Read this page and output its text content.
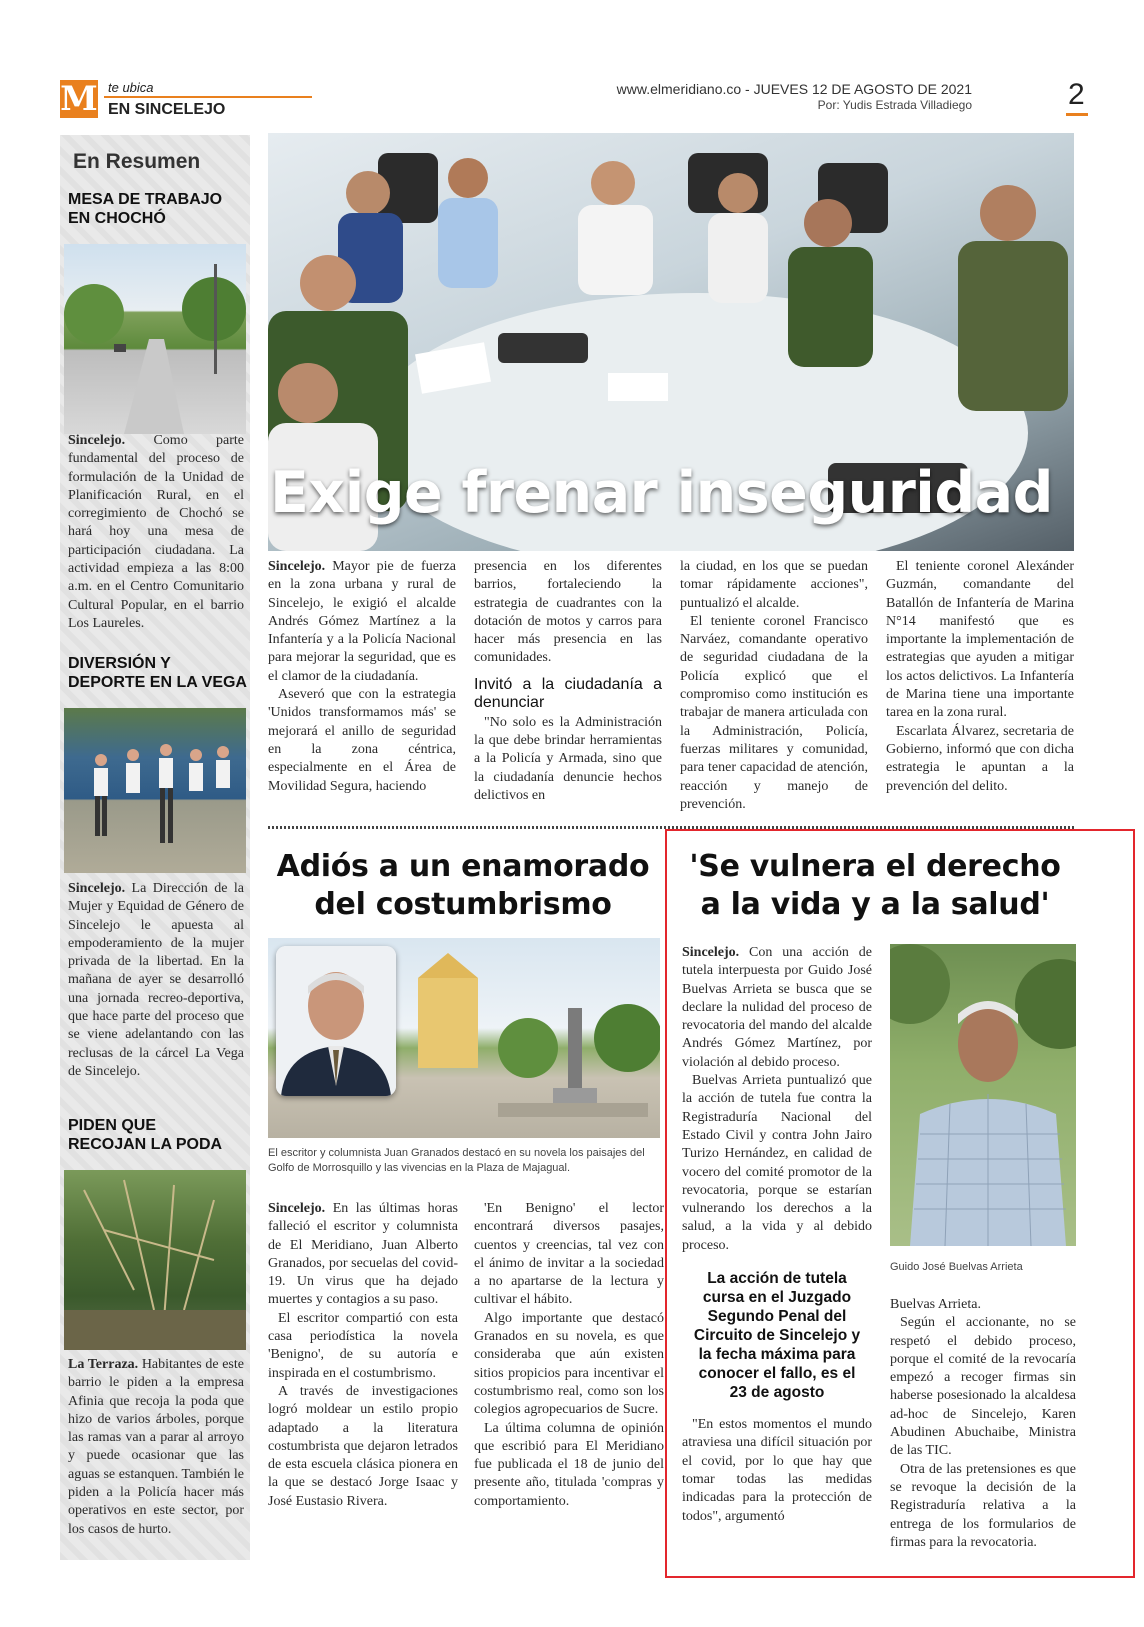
M te ubica
EN SINCELEJO
www.elmeridiano.co - JUEVES 12 DE AGOSTO DE 2021
Por: Yudis Estrada Villadiego	2
En Resumen
MESA DE TRABAJO
EN CHOCHÓ
Sincelejo. Como parte fundamental del proceso de formulación de la Unidad de Planificación Rural, en el corregimiento de Chochó se hará hoy una mesa de participación ciudadana. La actividad empieza a las 8:00 a.m. en el Centro Comunitario Cultural Popular, en el barrio Los Laureles.
DIVERSIÓN Y
DEPORTE EN LA VEGA
Sincelejo. La Dirección de la Mujer y Equidad de Género de Sincelejo le apuesta al empoderamiento de la mujer privada de la libertad. En la mañana de ayer se desarrolló una jornada recreo-deportiva, que hace parte del proceso que se viene adelantando con las reclusas de la cárcel La Vega de Sincelejo.
PIDEN QUE
RECOJAN LA PODA
La Terraza. Habitantes de este barrio le piden a la empresa Afinia que recoja la poda que hizo de varios árboles, porque las ramas van a parar al arroyo y puede ocasionar que las aguas se estanquen. También le piden a la Policía hacer más operativos en este sector, por los casos de hurto.
Exige frenar inseguridad
Sincelejo. Mayor pie de fuerza en la zona urbana y rural de Sincelejo, le exigió el alcalde Andrés Gómez Martínez a la Infantería y a la Policía Nacional para mejorar la seguridad, que es el clamor de la ciudadanía.
Aseveró que con la estrategia 'Unidos transformamos más' se mejorará el anillo de seguridad en la zona céntrica, especialmente en el Área de Movilidad Segura, haciendo
presencia en los diferentes barrios, fortaleciendo la estrategia de cuadrantes con la dotación de motos y carros para hacer más presencia en las comunidades.
Invitó a la ciudadanía a denunciar
"No solo es la Administración la que debe brindar herramientas a la Policía y Armada, sino que la ciudadanía denuncie hechos delictivos en
la ciudad, en los que se puedan tomar rápidamente acciones", puntualizó el alcalde.
El teniente coronel Francisco Narváez, comandante operativo de seguridad ciudadana de la Policía explicó que el compromiso como institución es trabajar de manera articulada con la Administración, Policía, fuerzas militares y comunidad, para tener capacidad de atención, reacción y manejo de prevención.
El teniente coronel Alexánder Guzmán, comandante del Batallón de Infantería de Marina N°14 manifestó que es importante la implementación de estrategias que ayuden a mitigar los actos delictivos. La Infantería de Marina tiene una importante tarea en la zona rural.
Escarlata Álvarez, secretaria de Gobierno, informó que con dicha estrategia le apuntan a la prevención del delito.
Adiós a un enamorado
del costumbrismo
El escritor y columnista Juan Granados destacó en su novela los paisajes del Golfo de Morrosquillo y las vivencias en la Plaza de Majagual.
Sincelejo. En las últimas horas falleció el escritor y columnista de El Meridiano, Juan Alberto Granados, por secuelas del covid-19. Un virus que ha dejado muertes y contagios a su paso.
El escritor compartió con esta casa periodística la novela 'Benigno', de su autoría e inspirada en el costumbrismo.
A través de investigaciones logró moldear un estilo propio adaptado a la literatura costumbrista que dejaron letrados de esta escuela clásica pionera en la que se destacó Jorge Isaac y José Eustasio Rivera.
'En Benigno' el lector encontrará diversos pasajes, cuentos y creencias, tal vez con el ánimo de invitar a la sociedad a no apartarse de la lectura y cultivar el hábito.
Algo importante que destacó Granados en su novela, es que consideraba que aún existen sitios propicios para incentivar el costumbrismo real, como son los colegios agropecuarios de Sucre.
La última columna de opinión que escribió para El Meridiano fue publicada el 18 de junio del presente año, titulada 'compras y comportamiento.
'Se vulnera el derecho
a la vida y a la salud'
Sincelejo. Con una acción de tutela interpuesta por Guido José Buelvas Arrieta se busca que se declare la nulidad del proceso de revocatoria del mando del alcalde Andrés Gómez Martínez, por violación al debido proceso.
Buelvas Arrieta puntualizó que la acción de tutela fue contra la Registraduría Nacional del Estado Civil y contra John Jairo Turizo Hernández, en calidad de vocero del comité promotor de la revocatoria, porque se estarían vulnerando los derechos a la salud, a la vida y al debido proceso.
La acción de tutela cursa en el Juzgado Segundo Penal del Circuito de Sincelejo y la fecha máxima para conocer el fallo, es el 23 de agosto
"En estos momentos el mundo atraviesa una difícil situación por el covid, por lo que hay que tomar todas las medidas indicadas para la protección de todos", argumentó
Guido José Buelvas Arrieta
Buelvas Arrieta.
Según el accionante, no se respetó el debido proceso, porque el comité de la revocaría empezó a recoger firmas sin haberse posesionado la alcaldesa ad-hoc de Sincelejo, Karen Abudinen Abuchaibe, Ministra de las TIC.
Otra de las pretensiones es que se revoque la decisión de la Registraduría relativa a la entrega de los formularios de firmas para la revocatoria.
